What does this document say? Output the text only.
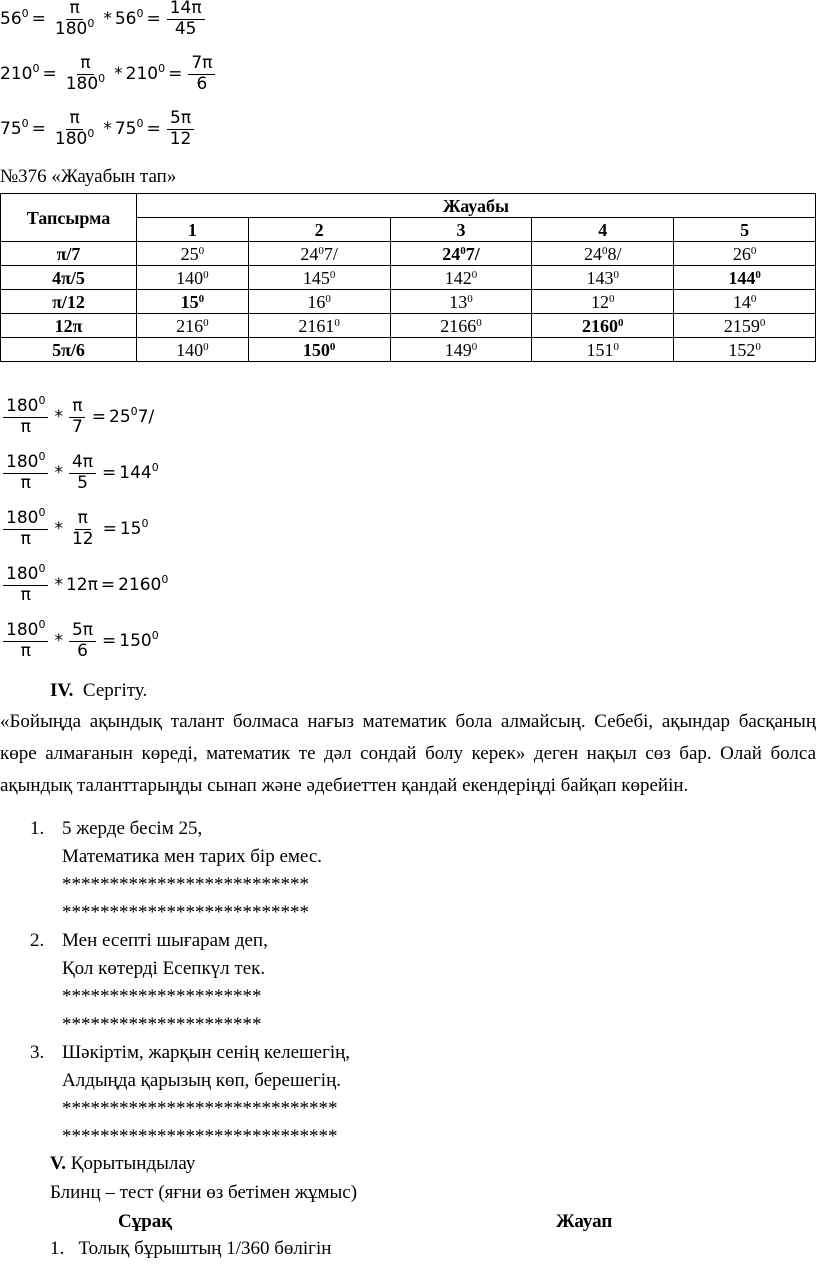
$56^0 = \frac{\pi}{180^0} * 56^0 = \frac{14\pi}{45}$
$210^0 = \frac{\pi}{180^0} * 210^0 = \frac{7\pi}{6}$
$75^0 = \frac{\pi}{180^0} * 75^0 = \frac{5\pi}{12}$
№376 «Жауабын тап»
Тапсырма	Жауабы				
	1	2	3	4	5
π/7	$25^0$	$24^07/$	$24^07/$	$24^08/$	$26^0$
4π/5	$140^0$	$145^0$	$142^0$	$143^0$	$144^0$
π/12	$15^0$	$16^0$	$13^0$	$12^0$	$14^0$
12π	$216^0$	2161$^0$	2166$^0$	2160$^0$	2159$^0$
5π/6	$140^0$	$150^0$	$149^0$	$151^0$	$152^0$
$\frac{180^0}{\pi} * \frac{\pi}{7} = 25^07/$
$\frac{180^0}{\pi} * \frac{4\pi}{5} = 144^0$
$\frac{180^0}{\pi} * \frac{\pi}{12} = 15^0$
$\frac{180^0}{\pi} * 12\pi = 2160^0$
$\frac{180^0}{\pi} * \frac{5\pi}{6} = 150^0$
IV. Сергіту.
«Бойыңда ақындық талант болмаса нағыз математик бола алмайсың. Себебі, ақындар басқаның көре алмағанын көреді, математик те дәл сондай болу керек» деген нақыл сөз бар. Олай болса ақындық таланттарыңды сынап және әдебиеттен қандай екендеріңді байқап көрейін.
1. 5 жерде бесім 25,
Математика мен тарих бір емес.
**************************
**************************
2. Мен есепті шығарам деп,
Қол көтерді Есепкүл тек.
*********************
*********************
3. Шәкіртім, жарқын сенің келешегің,
Алдыңда қарызың көп, берешегің.
*****************************
*****************************
V. Қорытындылау
Блинц – тест (яғни өз бетімен жұмыс)
Сұрақ	Жауап
1. Толық бұрыштың 1/360 бөлігін
